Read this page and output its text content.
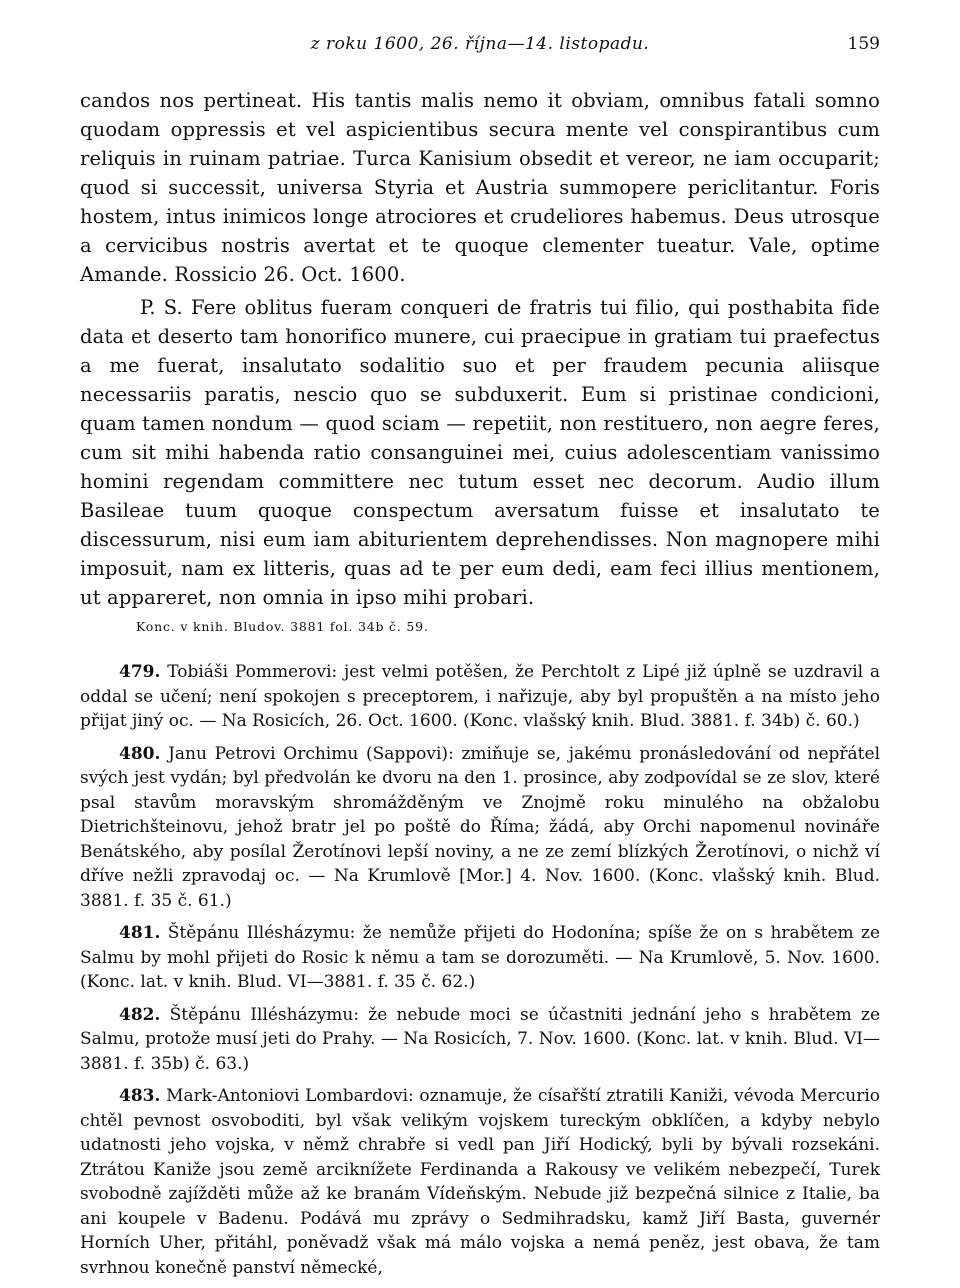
z roku 1600, 26. října—14. listopadu.	159

candos nos pertineat. His tantis malis nemo it obviam, omnibus fatali somno quodam oppressis et vel aspicientibus secura mente vel conspirantibus cum reliquis in ruinam patriae. Turca Kanisium obsedit et vereor, ne iam occuparit; quod si successit, universa Styria et Austria summopere periclitantur. Foris hostem, intus inimicos longe atrociores et crudeliores habemus. Deus utrosque a cervicibus nostris avertat et te quoque clementer tueatur. Vale, optime Amande. Rossicio 26. Oct. 1600.

P. S. Fere oblitus fueram conqueri de fratris tui filio, qui posthabita fide data et deserto tam honorifico munere, cui praecipue in gratiam tui praefectus a me fuerat, insalutato sodalitio suo et per fraudem pecunia aliisque necessariis paratis, nescio quo se subduxerit. Eum si pristinae condicioni, quam tamen nondum — quod sciam — repetiit, non restituero, non aegre feres, cum sit mihi habenda ratio consanguinei mei, cuius adolescentiam vanissimo homini regendam committere nec tutum esset nec decorum. Audio illum Basileae tuum quoque conspectum aversatum fuisse et insalutato te discessurum, nisi eum iam abiturientem deprehendisses. Non magnopere mihi imposuit, nam ex litteris, quas ad te per eum dedi, eam feci illius mentionem, ut appareret, non omnia in ipso mihi probari.

Konc. v knih. Bludov. 3881 fol. 34b č. 59.

479. Tobiáši Pommerovi: jest velmi potěšen, že Perchtolt z Lipé již úplně se uzdravil a oddal se učení; není spokojen s preceptorem, i nařizuje, aby byl propuštěn a na místo jeho přijat jiný oc. — Na Rosicích, 26. Oct. 1600. (Konc. vlašský knih. Blud. 3881. f. 34b) č. 60.)

480. Janu Petrovi Orchimu (Sappovi): zmiňuje se, jakému pronásledování od nepřátel svých jest vydán; byl předvolán ke dvoru na den 1. prosince, aby zodpovídal se ze slov, které psal stavům moravským shromážděným ve Znojmě roku minulého na obžalobu Dietrichšteinovu, jehož bratr jel po poště do Říma; žádá, aby Orchi napomenul novináře Benátského, aby posílal Žerotínovi lepší noviny, a ne ze zemí blízkých Žerotínovi, o nichž ví dříve nežli zpravodaj oc. — Na Krumlově [Mor.] 4. Nov. 1600. (Konc. vlašský knih. Blud. 3881. f. 35 č. 61.)

481. Štěpánu Illésházymu: že nemůže přijeti do Hodonína; spíše že on s hrabětem ze Salmu by mohl přijeti do Rosic k němu a tam se dorozuměti. — Na Krumlově, 5. Nov. 1600. (Konc. lat. v knih. Blud. VI—3881. f. 35 č. 62.)

482. Štěpánu Illésházymu: že nebude moci se účastniti jednání jeho s hrabětem ze Salmu, protože musí jeti do Prahy. — Na Rosicích, 7. Nov. 1600. (Konc. lat. v knih. Blud. VI—3881. f. 35b) č. 63.)

483. Mark-Antoniovi Lombardovi: oznamuje, že císařští ztratili Kaniži, vévoda Mercurio chtěl pevnost osvoboditi, byl však velikým vojskem tureckým obklíčen, a kdyby nebylo udatnosti jeho vojska, v němž chrabře si vedl pan Jiří Hodický, byli by bývali rozsekáni. Ztrátou Kaniže jsou země arciknížete Ferdinanda a Rakousy ve velikém nebezpečí, Turek svobodně zajížděti může až ke branám Vídeňským. Nebude již bezpečná silnice z Italie, ba ani koupele v Badenu. Podává mu zprávy o Sedmihradsku, kamž Jiří Basta, guvernér Horních Uher, přitáhl, poněvadž však má málo vojska a nemá peněz, jest obava, že tam svrhnou konečně panství německé,
